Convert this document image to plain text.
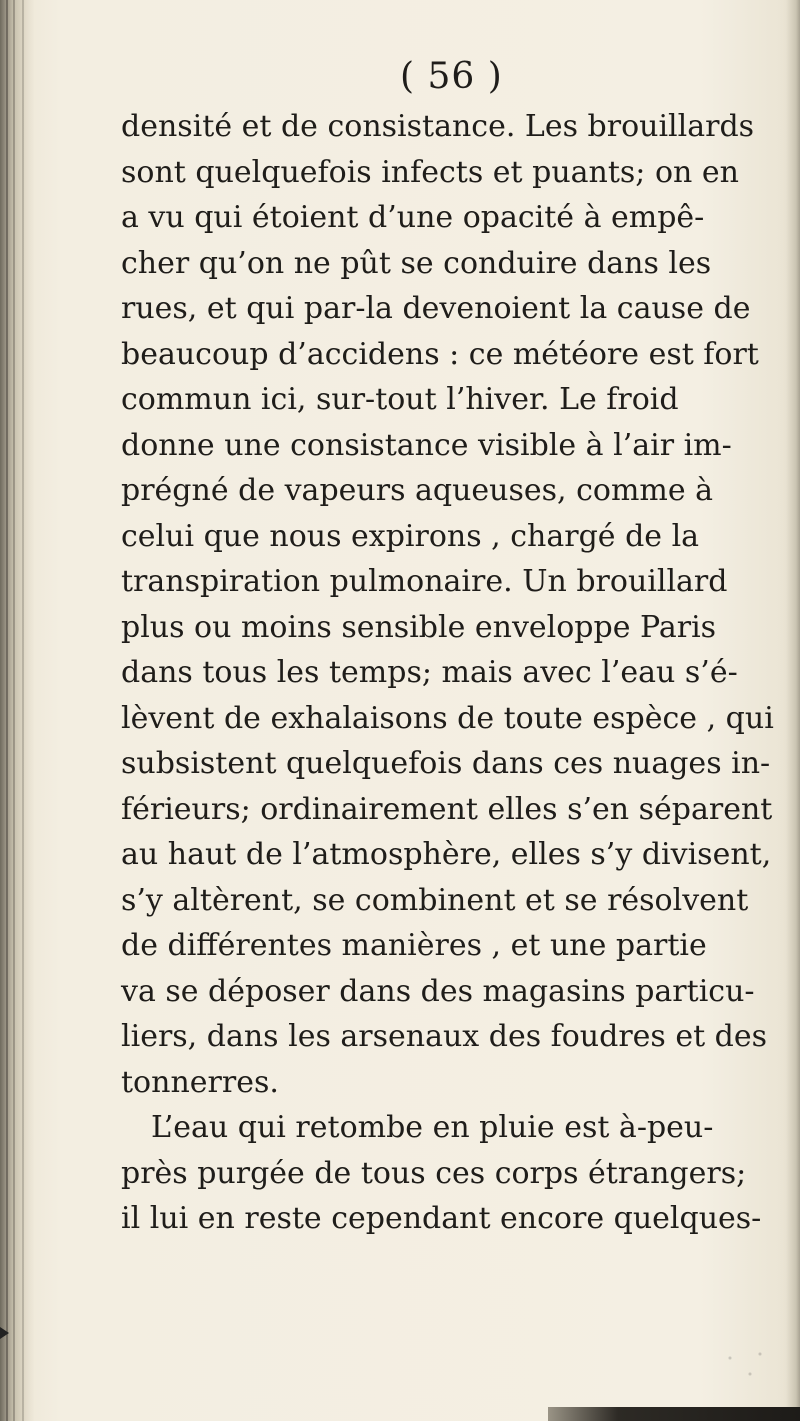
( 56 )
densité et de consistance. Les brouillards
sont quelquefois infects et puants; on en
a vu qui étoient d’une opacité à empê-
cher qu’on ne pût se conduire dans les
rues, et qui par-la devenoient la cause de
beaucoup d’accidens : ce météore est fort
commun ici, sur-tout l’hiver. Le froid
donne une consistance visible à l’air im-
prégné de vapeurs aqueuses, comme à
celui que nous expirons , chargé de la
transpiration pulmonaire. Un brouillard
plus ou moins sensible enveloppe Paris
dans tous les temps; mais avec l’eau s’é-
lèvent de exhalaisons de toute espèce , qui
subsistent quelquefois dans ces nuages in-
férieurs; ordinairement elles s’en séparent
au haut de l’atmosphère, elles s’y divisent,
s’y altèrent, se combinent et se résolvent
de différentes manières , et une partie
va se déposer dans des magasins particu-
liers, dans les arsenaux des foudres et des
tonnerres.
L’eau qui retombe en pluie est à-peu-
près purgée de tous ces corps étrangers;
il lui en reste cependant encore quelques-
